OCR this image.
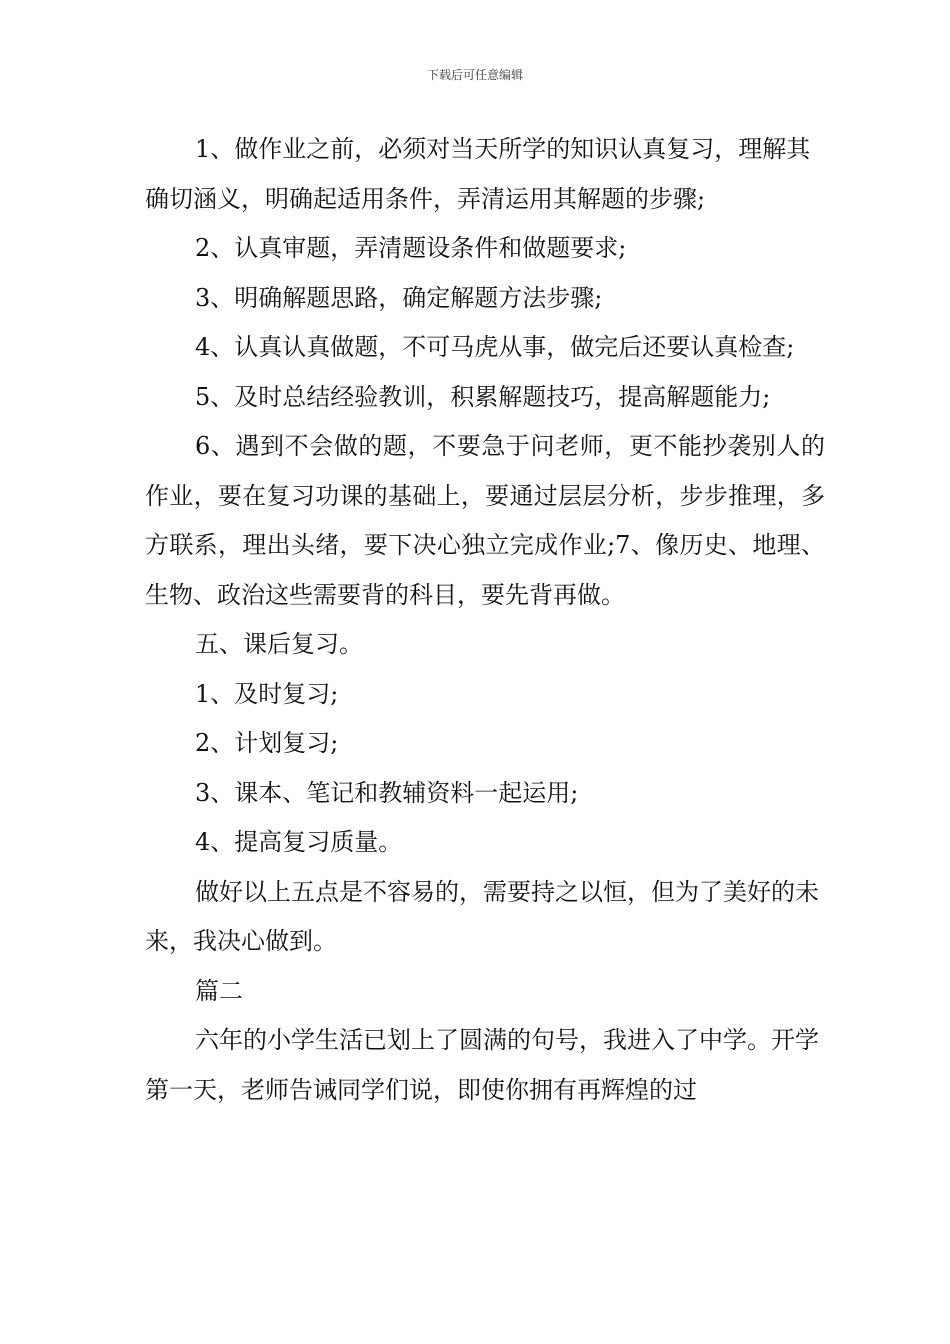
下载后可任意编辑

1、做作业之前，必须对当天所学的知识认真复习，理解其确切涵义，明确起适用条件，弄清运用其解题的步骤;

2、认真审题，弄清题设条件和做题要求;

3、明确解题思路，确定解题方法步骤;

4、认真认真做题，不可马虎从事，做完后还要认真检查;

5、及时总结经验教训，积累解题技巧，提高解题能力;

6、遇到不会做的题，不要急于问老师，更不能抄袭别人的作业，要在复习功课的基础上，要通过层层分析，步步推理，多方联系，理出头绪，要下决心独立完成作业;7、像历史、地理、生物、政治这些需要背的科目，要先背再做。

五、课后复习。

1、及时复习;

2、计划复习;

3、课本、笔记和教辅资料一起运用;

4、提高复习质量。

做好以上五点是不容易的，需要持之以恒，但为了美好的未来，我决心做到。

篇二

六年的小学生活已划上了圆满的句号，我进入了中学。开学第一天，老师告诫同学们说，即使你拥有再辉煌的过
